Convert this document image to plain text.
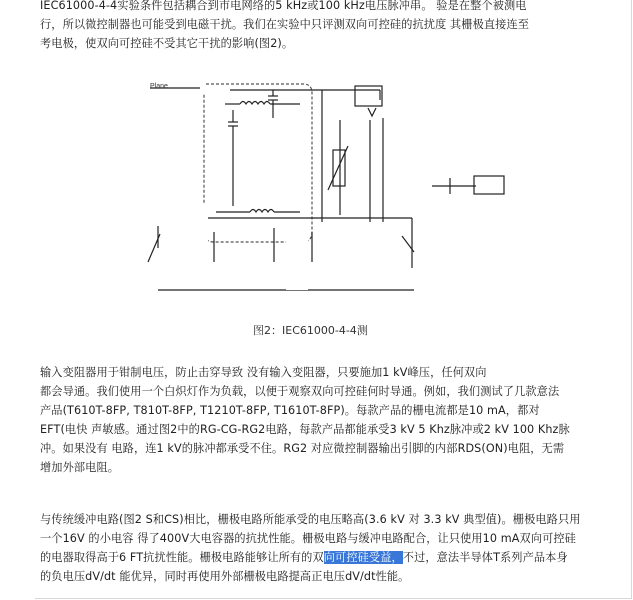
IEC61000-4-4实验条件包括耦合到市电网络的5 kHz或100 kHz电压脉冲串。 验是在整个被测电
行，所以微控制器也可能受到电磁干扰。我们在实验中只评测双向可控硅的抗扰度 其栅极直接连至
考电极，使双向可控硅不受其它干扰的影响(图2)。
Plane
图2：IEC61000-4-4测
输入变阻器用于钳制电压，防止击穿导致 没有输入变阻器，只要施加1 kV峰压，任何双向
都会导通。我们使用一个白炽灯作为负载，以便于观察双向可控硅何时导通。例如，我们测试了几款意法
产品(T610T-8FP, T810T-8FP, T1210T-8FP, T1610T-8FP)。每款产品的栅电流都是10 mA，都对
EFT(电快 声敏感。通过图2中的RG-CG-RG2电路，每款产品都能承受3 kV 5 Khz脉冲或2 kV 100 Khz脉
冲。如果没有 电路，连1 kV的脉冲都承受不住。RG2 对应微控制器输出引脚的内部RDS(ON)电阻，无需
增加外部电阻。
与传统缓冲电路(图2 S和CS)相比，栅极电路所能承受的电压略高(3.6 kV 对 3.3 kV 典型值)。栅极电路只用
一个16V 的小电容 得了400V大电容器的抗扰性能。栅极电路与缓冲电路配合，让只使用10 mA双向可控硅
的电器取得高于6 FT抗扰性能。栅极电路能够让所有的双向可控硅受益，不过，意法半导体T系列产品本身
的负电压dV/dt 能优异，同时再使用外部栅极电路提高正电压dV/dt性能。
